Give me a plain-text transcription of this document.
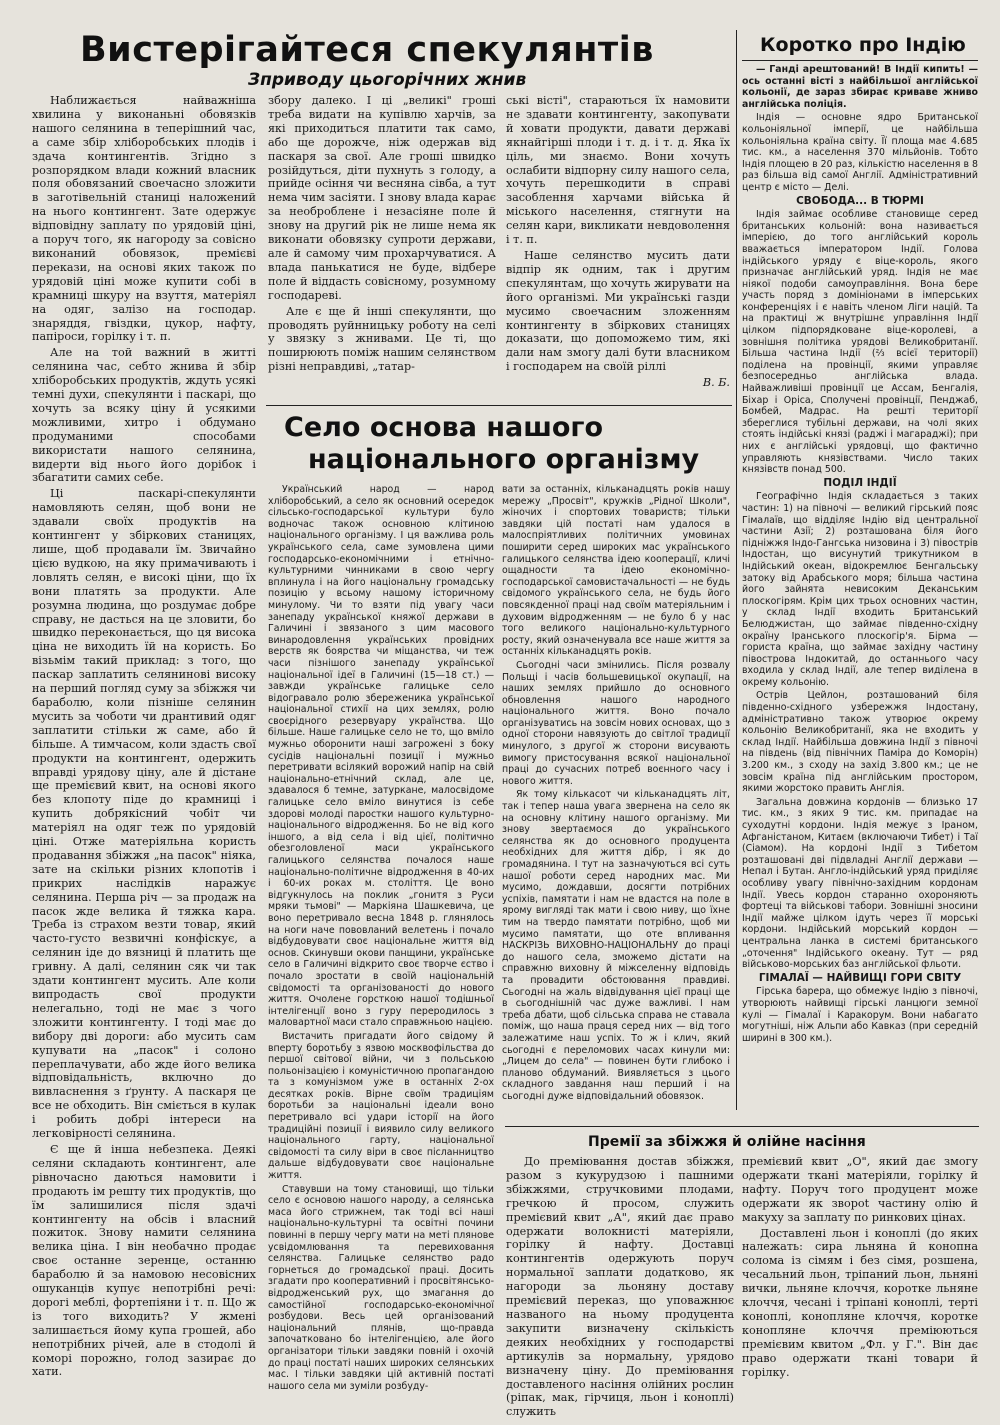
Вистерігайтеся спекулянтів
Зприводу цьогорічних жнив

Наближається найважніша хвилина у виконаньні обовязків нашого селянина в теперішний час, а саме збір хліборобських плодів і здача контингентів. Згідно з розпорядком влади кожний власник поля обовязаний своечасно зложити в заготівельній станиці наложений на нього контингент. Зате одержує відповідну заплату по урядовій ціні, а поруч того, як нагороду за совісно виконаний обовязок, премієві перекази, на основі яких також по урядовій ціні може купити собі в крамниці шкуру на взуття, матеріял на одяг, залізо на господар. знаряддя, гвіздки, цукор, нафту, папіроси, горілку і т. п.

Але на той важний в житті селянина час, себто жнива й збір хліборобських продуктів, ждуть усякі темні духи, спекулянти і паскарі, що хочуть за всяку ціну й усякими можливими, хитро і обдумано продуманими способами використати нашого селянина, видерти від нього його дорібок і збагатити самих себе.

Ці паскарі-спекулянти намовляють селян, щоб вони не здавали своїх продуктів на контингент у збіркових станицях, лише, щоб продавали їм. Звичайно цією вудкою, на яку примачивають і ловлять селян, е високі ціни, що їх вони платять за продукти. Але розумна людина, що роздумає добре справу, не дасться на це зловити, бо швидко переконається, що ця висока ціна не виходить їй на користь. Бо візьмім такий приклад: з того, що паскар заплатить селянинові високу на перший погляд суму за збіжжя чи бараболю, коли пізніше селянин мусить за чоботи чи дрантивий одяг заплатити стільки ж саме, або й більше. А тимчасом, коли здасть свої продукти на контингент, одержить вправді урядову ціну, але й дістане ще премієвий квит, на основі якого без клопоту піде до крамниці і купить добрякісний чобіт чи матеріял на одяг теж по урядовій ціні. Отже матеріяльна користь продавання збіжжя „на пасок" ніяка, зате на скільки різних клопотів і прикрих наслідків наражує селянина. Перша річ — за продаж на пасок жде велика й тяжка кара. Треба із страхом везти товар, який часто-густо везвичні конфіскує, а селянин іде до вязниці й платить ще гривну. А далі, селянин сяк чи так здати контингент мусить. Але коли випродасть свої продукти нелегально, тоді не має з чого зложити контингенту. І тоді має до вибору дві дороги: або мусить сам купувати на „пасок" і солоно переплачувати, або жде його велика відповідальність, включно до вивласнення з ґрунту. А паскаря це все не обходить. Він сміється в кулак і робить добрі інтереси на легковірності селянина.

Є ще й інша небезпека. Деякі селяни складають контингент, але рівночасно даються намовити і продають ім решту тих продуктів, що їм залишилися після здачі контингенту на обсів і власний пожиток. Знову намити селянина велика ціна. І він необачно продає своє останне зеренце, останню бараболю й за намовою несовісних ошуканців купує непотрібні речі: дорогі меблі, фортепіяни і т. п. Що ж із того виходить? У жмені залишається йому купа грошей, або непотрібних річей, але в стодолі й коморі порожно, голод зазирає до хати.

збору далеко. І ці „великі" гроші треба видати на купівлю харчів, за які приходиться платити так само, або ще дорожче, ніж одержав від паскаря за свої. Але гроші швидко розійдуться, діти пухнуть з голоду, а прийде осіння чи весняна сівба, а тут нема чим засіяти. І знову влада карає за необроблене і незасіяне поле й знову на другий рік не лише нема як виконати обовязку супроти держави, але й самому чим прохарчуватися. А влада панькатися не буде, відбере поле й віддасть совісному, розумному господареві.

Але є ще й інші спекулянти, що проводять руйнницьку роботу на селі у звязку з жнивами. Це ті, що поширюють поміж нашим селянством різні неправдиві, „татар-

ські вісті", стараються їх намовити не здавати контингенту, закопувати й ховати продукти, давати державі якнайгірші плоди і т. д. і т. д. Яка їх ціль, ми знаємо. Вони хочуть ослабити відпорну силу нашого села, хочуть перешкодити в справі засоблення харчами війська й міського населення, стягнути на селян кари, викликати невдоволення і т. п.

Наше селянство мусить дати відпір як одним, так і другим спекулянтам, що хочуть жирувати на його організмі. Ми українські газди мусимо своечасним зложенням контингенту в збіркових станицях доказати, що допоможемо тим, які дали нам змогу далі бути власником і господарем на своїй ріллі

В. Б.

Село основа нашого
національного організму

Український народ — народ хліборобський, а село як основний осередок сільсько-господарської культури було водночас також основною клітиною національного організму. І ця важлива роль українського села, саме зумовлена цими господарсько-економічними і етнічно-культурними чинниками в свою чергу вплинула і на його національну громадську позицію у всьому нашому історичному минулому. Чи то взяти під увагу часи занепаду української княжої держави в Галичині і звязаного з цим масового винародовлення українських провідних верств як боярства чи міщанства, чи теж часи пізнішого занепаду української національної ідеї в Галичині (15—18 ст.) — завжди українське галицьке село відогравало ролю збереженика української національної стихії на цих землях, ролю своєрідного резервуару українства. Що більше. Наше галицьке село не то, що вміло мужньо оборонити наші загрожені з боку сусідів національні позиції і мужньо перетривати всілякий ворожий напір на свій національно-етнічний склад, але це, здавалося б темне, затуркане, малосвідоме галицьке село вміло винутися із себе здорові молоді паростки нашого культурно-національного відродження. Бо не від кого іншого, а від села і від цієї, політично обезголовленої маси українського галицького селянства почалося наше національно-політичне відродження в 40-их і 60-их роках м. століття. Це воно відгукнулось на поклик „гонитя з Руси мряки тьмові" — Маркіяна Шашкевича, це воно перетривало весна 1848 р. глянялось на ноги наче пововланий велетень і почало відбудовувати своє національне життя від основ. Скинувши окови панщини, українське село в Галичині відкрито своє творче єство і почало зростати в своїй національній свідомості та організованості до нового життя. Очолене горсткою нашої тодішньої інтелігенції воно з гуру переродилось з маловартної маси стало справжньою нацією.

Вистачить пригадати його свідому й вперту боротьбу з язвою москвофільства до першої світової війни, чи з польською польонізацією і комуністичною пропагандою та з комунізмом уже в останніх 2-ох десятках років. Вірне своїм традиціям боротьби за національні ідеали воно перетривало всі удари історії на його традиційні позиції і виявило силу великого національного гарту, національної свідомості та силу віри в своє післанництво дальше відбудовувати своє національне життя.

Ставувши на тому становищі, що тільки село є основою нашого народу, а селянська маса його стрижнем, так тоді всі наші національно-культурні та освітні почини повинні в першу чергу мати на меті плянове усвідомлювання та перевиховання селянства. Галицьке селянство радо горнеться до громадської праці. Досить згадати про кооперативний і просвітянсько-відродженський рух, що змагання до самостійної господарсько-економічної розбудови. Весь цей організований національний плянів, що-правда започатковано бо інтелігенцією, але його організатори тільки завдяки повній і охочій до праці постаті наших широких селянських мас. І тільки завдяки цій активній постаті нашого села ми зуміли розбуду-

вати за останніх, кільканадцять років нашу мережу „Просвіт", кружків „Рідної Школи", жіночих і спортових товариств; тільки завдяки цій постаті нам удалося в малоспріятливих політичних умовинах поширити серед широких мас українського галицького селянства ідею кооперації, кличі ощадности та ідею економічно-господарської самовистачальності — не будь свідомого українського села, не будь його повсякденної праці над своїм матеріяльним і духовим відродженням — не було б у нас того великого національно-культурного росту, який означенувала все наше життя за останніх кільканадцять років.

Сьогодні часи змінились. Після розвалу Польщі і часів большевицької окупації, на наших землях прийшло до основного обновлення нашого народного національного життя. Воно почало організуватись на зовсім нових основах, що з одної сторони навязують до світлої традиції минулого, з другої ж сторони висувають вимогу пристосування всякої національної праці до сучасних потреб воєнного часу і нового життя.

Як тому кількасот чи кільканадцять літ, так і тепер наша увага звернена на село як на основну клітину нашого організму. Ми знову звертаємося до українського селянства як до основного продуцента необхідних для життя дібр, і як до громадянина. І тут на зазначуються всі суть нашої роботи серед народних мас. Ми мусимо, дождавши, досягти потрібних успіхів, памятати і нам не вдастся на поле в ярому вигляді так мати і свою ниву, що їхне тим на твердо памятати потрібно, щоб ми мусимо памятати, що оте впливання НАСКРІЗЬ ВИХОВНО-НАЦІОНАЛЬНУ до праці до нашого села, зможемо дістати на справжню виховну й міжселенну відповідь та провадити обстоювання правдиві. Сьогодні на жаль відвідування цієї праці ще в сьогоднішній час дуже важливі. І нам треба дбати, щоб сільська справа не ставала поміж, що наша праця серед них — від того залежатиме наш успіх. То ж і клич, який сьогодні є переломових часах кинули ми: „Лицем до села" — повинен бути глибоко і планово обдуманий. Виявляється з цього складного завдання наш перший і на сьогодні дуже відповідальний обовязок.

Коротко про Індію

— Ганді арештований! В Індії кипить! — ось останні вісті з найбільшої англійської кольонії, де зараз збирає криваве жниво англійська поліція.

Індія — основне ядро Британської кольоніяльної імперії, це найбільша кольоніяльна країна світу. Її площа має 4.685 тис. км., а населення 370 мільйонів. Тобто Індія площею в 20 раз, кількістю населення в 8 раз більша від самої Англії. Адміністративний центр є місто — Делі.

СВОБОДА... В ТЮРМІ

Індія займає особливе становище серед британських кольоній: вона називається імперією, до того англійський король вважається імператором Індії. Голова індійського уряду є віце-король, якого призначає англійський уряд. Індія не має ніякої подоби самоуправління. Вона бере участь поряд з домініонами в імперських конференціях і є навіть членом Ліги націй. Та на практиці ж внутрішнє управління Індії цілком підпорядковане віце-королеві, а зовнішня політика урядові Великобританії. Більша частина Індії (⅔ всієї території) поділена на провінції, якими управляє безпосередньо англійська влада. Найважливіші провінції це Ассам, Бенгалія, Біхар і Оріса, Сполучені провінції, Пенджаб, Бомбей, Мадрас. На решті території збереглися тубільні держави, на чолі яких стоять індійські князі (раджі і магараджі); при них є англійські урядовці, що фактично управляють князівствами. Число таких князівств понад 500.

ПОДІЛ ІНДІЇ

Географічно Індія складається з таких частин: 1) на півночі — великий гірський пояс Гімалаїв, що відділяє Індію від центральної частини Азії; 2) розташована біля його підніжжя Індо-Гангська низовина і 3) півострів Індостан, що висунутий трикутником в Індійський океан, відокремлює Бенгальську затоку від Арабського моря; більша частина його зайнята невисоким Деканським плоскогірям. Крім цих трьох основних частин, у склад Індії входить Британський Белюджистан, що займає південно-східну окраїну Іранського плоскогір'я. Бірма — гориста країна, що займає західну частину півострова Індокитай, до останнього часу входила у склад Індії, але тепер виділена в окрему кольонію.

Острів Цейлон, розташований біля південно-східного узбережжя Індостану, адміністративно також утворює окрему кольонію Великобританії, яка не входить у склад Індії. Найбільша довжина Індії з півночі на південь (від північних Паміра до Коморін) 3.200 км., з сходу на захід 3.800 км.; це не зовсім країна під англійським простором, якими жорстоко править Англія.

Загальна довжина кордонів — близько 17 тис. км., з яких 9 тис. км. припадає на суходутні кордони. Індія межує з Іраном, Афганістаном, Китаєм (включаючи Тибет) і Таї (Сіамом). На кордоні Індії з Тибетом розташовані дві підвладні Англії держави — Непал і Бутан. Англо-індійський уряд приділяє особливу увагу північно-західним кордонам Індії. Увесь кордон старанно охороняють фортеці та військові табори. Зовнішні зносини Індії майже цілком ідуть через її морські кордони. Індійський морський кордон — центральна ланка в системі британського „оточення" Індійського океану. Тут — ряд військово-морських баз англійської фльоти.

ГІМАЛАЇ — НАЙВИЩІ ГОРИ СВІТУ

Гірська барера, що обмежує Індію з півночі, утворюють найвищі гірські ланцюги земної кулі — Гімалаї і Каракорум. Вони набагато могутніші, ніж Альпи або Кавказ (при середній ширині в 300 км.).

Премії за збіжжя й олійне насіння

До преміювання достав збіжжя, разом з кукурудзою і пашними збіжжями, стручковими плодами, гречкою й просом, служить премієвий квит „А", який дає право одержати волокнисті матеріяли, горілку й нафту. Доставці контингентів одержують поруч нормальної заплати додатково, як нагороди за льоняну доставу премієвий переказ, що уповажнює названого на ньому продуцента закупити визначену скількість деяких необхідних у господарстві артикулів за нормальну, урядово визначену ціну. До преміювання доставленого насіння олійних рослин (ріпак, мак, гірчиця, льон і коноплі) служить

премієвий квит „О", який дає змогу одержати ткані матеріяли, горілку й нафту. Поруч того продуцент може одержати як звороt частину олію й макуху за заплату по ринкових цінах.

Доставлені льон і коноплі (до яких належать: сира льняна й конопна солома із сімям і без сімя, розшена, чесальний льон, тріпаний льон, льняні вички, льняне клоччя, коротке льняне клоччя, чесані і тріпані коноплі, терті коноплі, конопляне клоччя, коротке конопляне клоччя преміюються премієвим квитом „Фл. у Г.". Він дає право одержати ткані товари й горілку.
